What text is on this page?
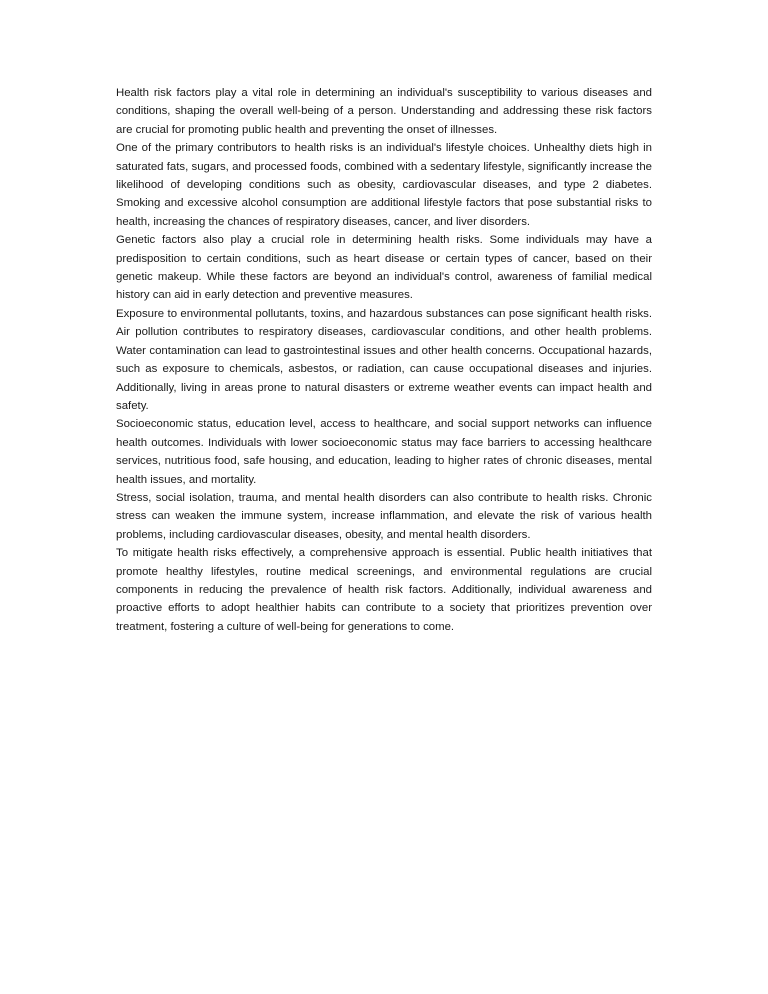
Health risk factors play a vital role in determining an individual's susceptibility to various diseases and conditions, shaping the overall well-being of a person. Understanding and addressing these risk factors are crucial for promoting public health and preventing the onset of illnesses.

One of the primary contributors to health risks is an individual's lifestyle choices. Unhealthy diets high in saturated fats, sugars, and processed foods, combined with a sedentary lifestyle, significantly increase the likelihood of developing conditions such as obesity, cardiovascular diseases, and type 2 diabetes. Smoking and excessive alcohol consumption are additional lifestyle factors that pose substantial risks to health, increasing the chances of respiratory diseases, cancer, and liver disorders.

Genetic factors also play a crucial role in determining health risks. Some individuals may have a predisposition to certain conditions, such as heart disease or certain types of cancer, based on their genetic makeup. While these factors are beyond an individual's control, awareness of familial medical history can aid in early detection and preventive measures.

Exposure to environmental pollutants, toxins, and hazardous substances can pose significant health risks. Air pollution contributes to respiratory diseases, cardiovascular conditions, and other health problems. Water contamination can lead to gastrointestinal issues and other health concerns. Occupational hazards, such as exposure to chemicals, asbestos, or radiation, can cause occupational diseases and injuries. Additionally, living in areas prone to natural disasters or extreme weather events can impact health and safety.

Socioeconomic status, education level, access to healthcare, and social support networks can influence health outcomes. Individuals with lower socioeconomic status may face barriers to accessing healthcare services, nutritious food, safe housing, and education, leading to higher rates of chronic diseases, mental health issues, and mortality.

Stress, social isolation, trauma, and mental health disorders can also contribute to health risks. Chronic stress can weaken the immune system, increase inflammation, and elevate the risk of various health problems, including cardiovascular diseases, obesity, and mental health disorders.

To mitigate health risks effectively, a comprehensive approach is essential. Public health initiatives that promote healthy lifestyles, routine medical screenings, and environmental regulations are crucial components in reducing the prevalence of health risk factors. Additionally, individual awareness and proactive efforts to adopt healthier habits can contribute to a society that prioritizes prevention over treatment, fostering a culture of well-being for generations to come.
